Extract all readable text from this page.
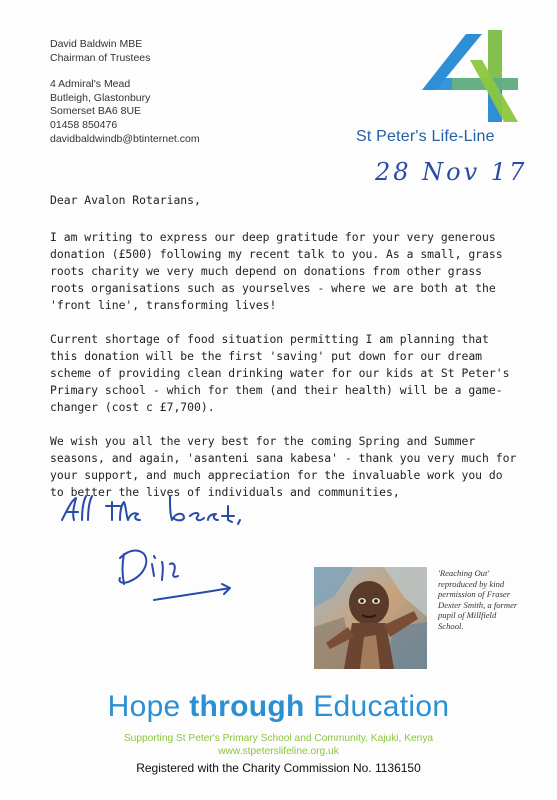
David Baldwin MBE
Chairman of Trustees
4 Admiral's Mead
Butleigh, Glastonbury
Somerset BA6 8UE
01458 850476
davidbaldwindb@btinternet.com	St Peter's Life-Line
28 Nov 17

Dear Avalon Rotarians,

I am writing to express our deep gratitude for your very generous donation (£500) following my recent talk to you. As a small, grass roots charity we very much depend on donations from other grass roots organisations such as yourselves - where we are both at the 'front line', transforming lives!

Current shortage of food situation permitting I am planning that this donation will be the first 'saving' put down for our dream scheme of providing clean drinking water for our kids at St Peter's Primary school - which for them (and their health) will be a game-changer (cost c £7,700).

We wish you all the very best for the coming Spring and Summer seasons, and again, 'asanteni sana kabesa' - thank you very much for your support, and much appreciation for the invaluable work you do to better the lives of individuals and communities,

'Reaching Out'
reproduced by kind permission of Fraser Dexter Smith, a former pupil of Millfield School.
Hope through Education
Supporting St Peter's Primary School and Community, Kajuki, Kenya
www.stpeterslifeline.org.uk
Registered with the Charity Commission No. 1136150
